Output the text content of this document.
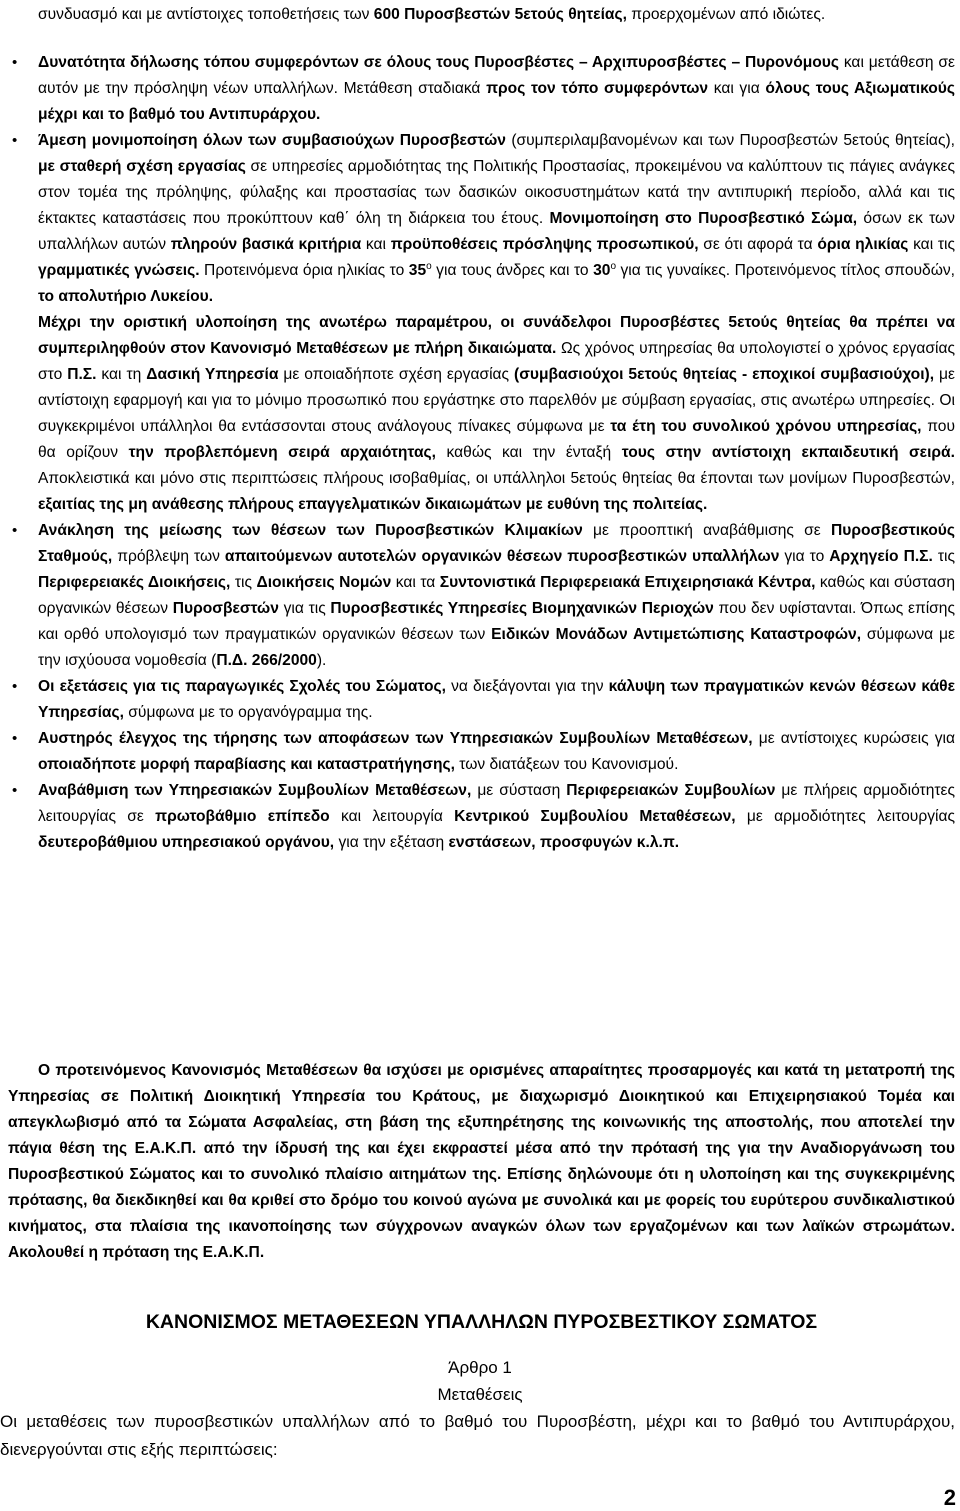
συνδυασμό και με αντίστοιχες τοποθετήσεις των 600 Πυροσβεστών 5ετούς θητείας, προερχομένων από ιδιώτες.

• Δυνατότητα δήλωσης τόπου συμφερόντων σε όλους τους Πυροσβέστες – Αρχιπυροσβέστες – Πυρονόμους και μετάθεση σε αυτόν με την πρόσληψη νέων υπαλλήλων. Μετάθεση σταδιακά προς τον τόπο συμφερόντων και για όλους τους Αξιωματικούς μέχρι και το βαθμό του Αντιπυράρχου.

• Άμεση μονιμοποίηση όλων των συμβασιούχων Πυροσβεστών (συμπεριλαμβανομένων και των Πυροσβεστών 5ετούς θητείας), με σταθερή σχέση εργασίας σε υπηρεσίες αρμοδιότητας της Πολιτικής Προστασίας, προκειμένου να καλύπτουν τις πάγιες ανάγκες στον τομέα της πρόληψης, φύλαξης και προστασίας των δασικών οικοσυστημάτων κατά την αντιπυρική περίοδο, αλλά και τις έκτακτες καταστάσεις που προκύπτουν καθ΄ όλη τη διάρκεια του έτους. Μονιμοποίηση στο Πυροσβεστικό Σώμα, όσων εκ των υπαλλήλων αυτών πληρούν βασικά κριτήρια και προϋποθέσεις πρόσληψης προσωπικού, σε ότι αφορά τα όρια ηλικίας και τις γραμματικές γνώσεις. Προτεινόμενα όρια ηλικίας το $35^o$ για τους άνδρες και το $30^o$ για τις γυναίκες. Προτεινόμενος τίτλος σπουδών, το απολυτήριο Λυκείου.

Μέχρι την οριστική υλοποίηση της ανωτέρω παραμέτρου, οι συνάδελφοι Πυροσβέστες 5ετούς θητείας θα πρέπει να συμπεριληφθούν στον Κανονισμό Μεταθέσεων με πλήρη δικαιώματα. Ως χρόνος υπηρεσίας θα υπολογιστεί ο χρόνος εργασίας στο Π.Σ. και τη Δασική Υπηρεσία με οποιαδήποτε σχέση εργασίας (συμβασιούχοι 5ετούς θητείας - εποχικοί συμβασιούχοι), με αντίστοιχη εφαρμογή και για το μόνιμο προσωπικό που εργάστηκε στο παρελθόν με σύμβαση εργασίας, στις ανωτέρω υπηρεσίες. Οι συγκεκριμένοι υπάλληλοι θα εντάσσονται στους ανάλογους πίνακες σύμφωνα με τα έτη του συνολικού χρόνου υπηρεσίας, που θα ορίζουν την προβλεπόμενη σειρά αρχαιότητας, καθώς και την ένταξή τους στην αντίστοιχη εκπαιδευτική σειρά. Αποκλειστικά και μόνο στις περιπτώσεις πλήρους ισοβαθμίας, οι υπάλληλοι 5ετούς θητείας θα έπονται των μονίμων Πυροσβεστών, εξαιτίας της μη ανάθεσης πλήρους επαγγελματικών δικαιωμάτων με ευθύνη της πολιτείας.

• Ανάκληση της μείωσης των θέσεων των Πυροσβεστικών Κλιμακίων με προοπτική αναβάθμισης σε Πυροσβεστικούς Σταθμούς, πρόβλεψη των απαιτούμενων αυτοτελών οργανικών θέσεων πυροσβεστικών υπαλλήλων για το Αρχηγείο Π.Σ. τις Περιφερειακές Διοικήσεις, τις Διοικήσεις Νομών και τα Συντονιστικά Περιφερειακά Επιχειρησιακά Κέντρα, καθώς και σύσταση οργανικών θέσεων Πυροσβεστών για τις Πυροσβεστικές Υπηρεσίες Βιομηχανικών Περιοχών που δεν υφίστανται. Όπως επίσης και ορθό υπολογισμό των πραγματικών οργανικών θέσεων των Ειδικών Μονάδων Αντιμετώπισης Καταστροφών, σύμφωνα με την ισχύουσα νομοθεσία (Π.Δ. 266/2000).

• Οι εξετάσεις για τις παραγωγικές Σχολές του Σώματος, να διεξάγονται για την κάλυψη των πραγματικών κενών θέσεων κάθε Υπηρεσίας, σύμφωνα με το οργανόγραμμα της.

• Αυστηρός έλεγχος της τήρησης των αποφάσεων των Υπηρεσιακών Συμβουλίων Μεταθέσεων, με αντίστοιχες κυρώσεις για οποιαδήποτε μορφή παραβίασης και καταστρατήγησης, των διατάξεων του Κανονισμού.

• Αναβάθμιση των Υπηρεσιακών Συμβουλίων Μεταθέσεων, με σύσταση Περιφερειακών Συμβουλίων με πλήρεις αρμοδιότητες λειτουργίας σε πρωτοβάθμιο επίπεδο και λειτουργία Κεντρικού Συμβουλίου Μεταθέσεων, με αρμοδιότητες λειτουργίας δευτεροβάθμιου υπηρεσιακού οργάνου, για την εξέταση ενστάσεων, προσφυγών κ.λ.π.

Ο προτεινόμενος Κανονισμός Μεταθέσεων θα ισχύσει με ορισμένες απαραίτητες προσαρμογές και κατά τη μετατροπή της Υπηρεσίας σε Πολιτική Διοικητική Υπηρεσία του Κράτους, με διαχωρισμό Διοικητικού και Επιχειρησιακού Τομέα και απεγκλωβισμό από τα Σώματα Ασφαλείας, στη βάση της εξυπηρέτησης της κοινωνικής της αποστολής, που αποτελεί την πάγια θέση της Ε.Α.Κ.Π. από την ίδρυσή της και έχει εκφραστεί μέσα από την πρότασή της για την Αναδιοργάνωση του Πυροσβεστικού Σώματος και το συνολικό πλαίσιο αιτημάτων της. Επίσης δηλώνουμε ότι η υλοποίηση και της συγκεκριμένης πρότασης, θα διεκδικηθεί και θα κριθεί στο δρόμο του κοινού αγώνα με συνολικά και με φορείς του ευρύτερου συνδικαλιστικού κινήματος, στα πλαίσια της ικανοποίησης των σύγχρονων αναγκών όλων των εργαζομένων και των λαϊκών στρωμάτων. Ακολουθεί η πρόταση της Ε.Α.Κ.Π.

ΚΑΝΟΝΙΣΜΟΣ ΜΕΤΑΘΕΣΕΩΝ ΥΠΑΛΛΗΛΩΝ ΠΥΡΟΣΒΕΣΤΙΚΟΥ ΣΩΜΑΤΟΣ
Άρθρο 1
Μεταθέσεις

Οι μεταθέσεις των πυροσβεστικών υπαλλήλων από το βαθμό του Πυροσβέστη, μέχρι και το βαθμό του Αντιπυράρχου, διενεργούνται στις εξής περιπτώσεις:

2
